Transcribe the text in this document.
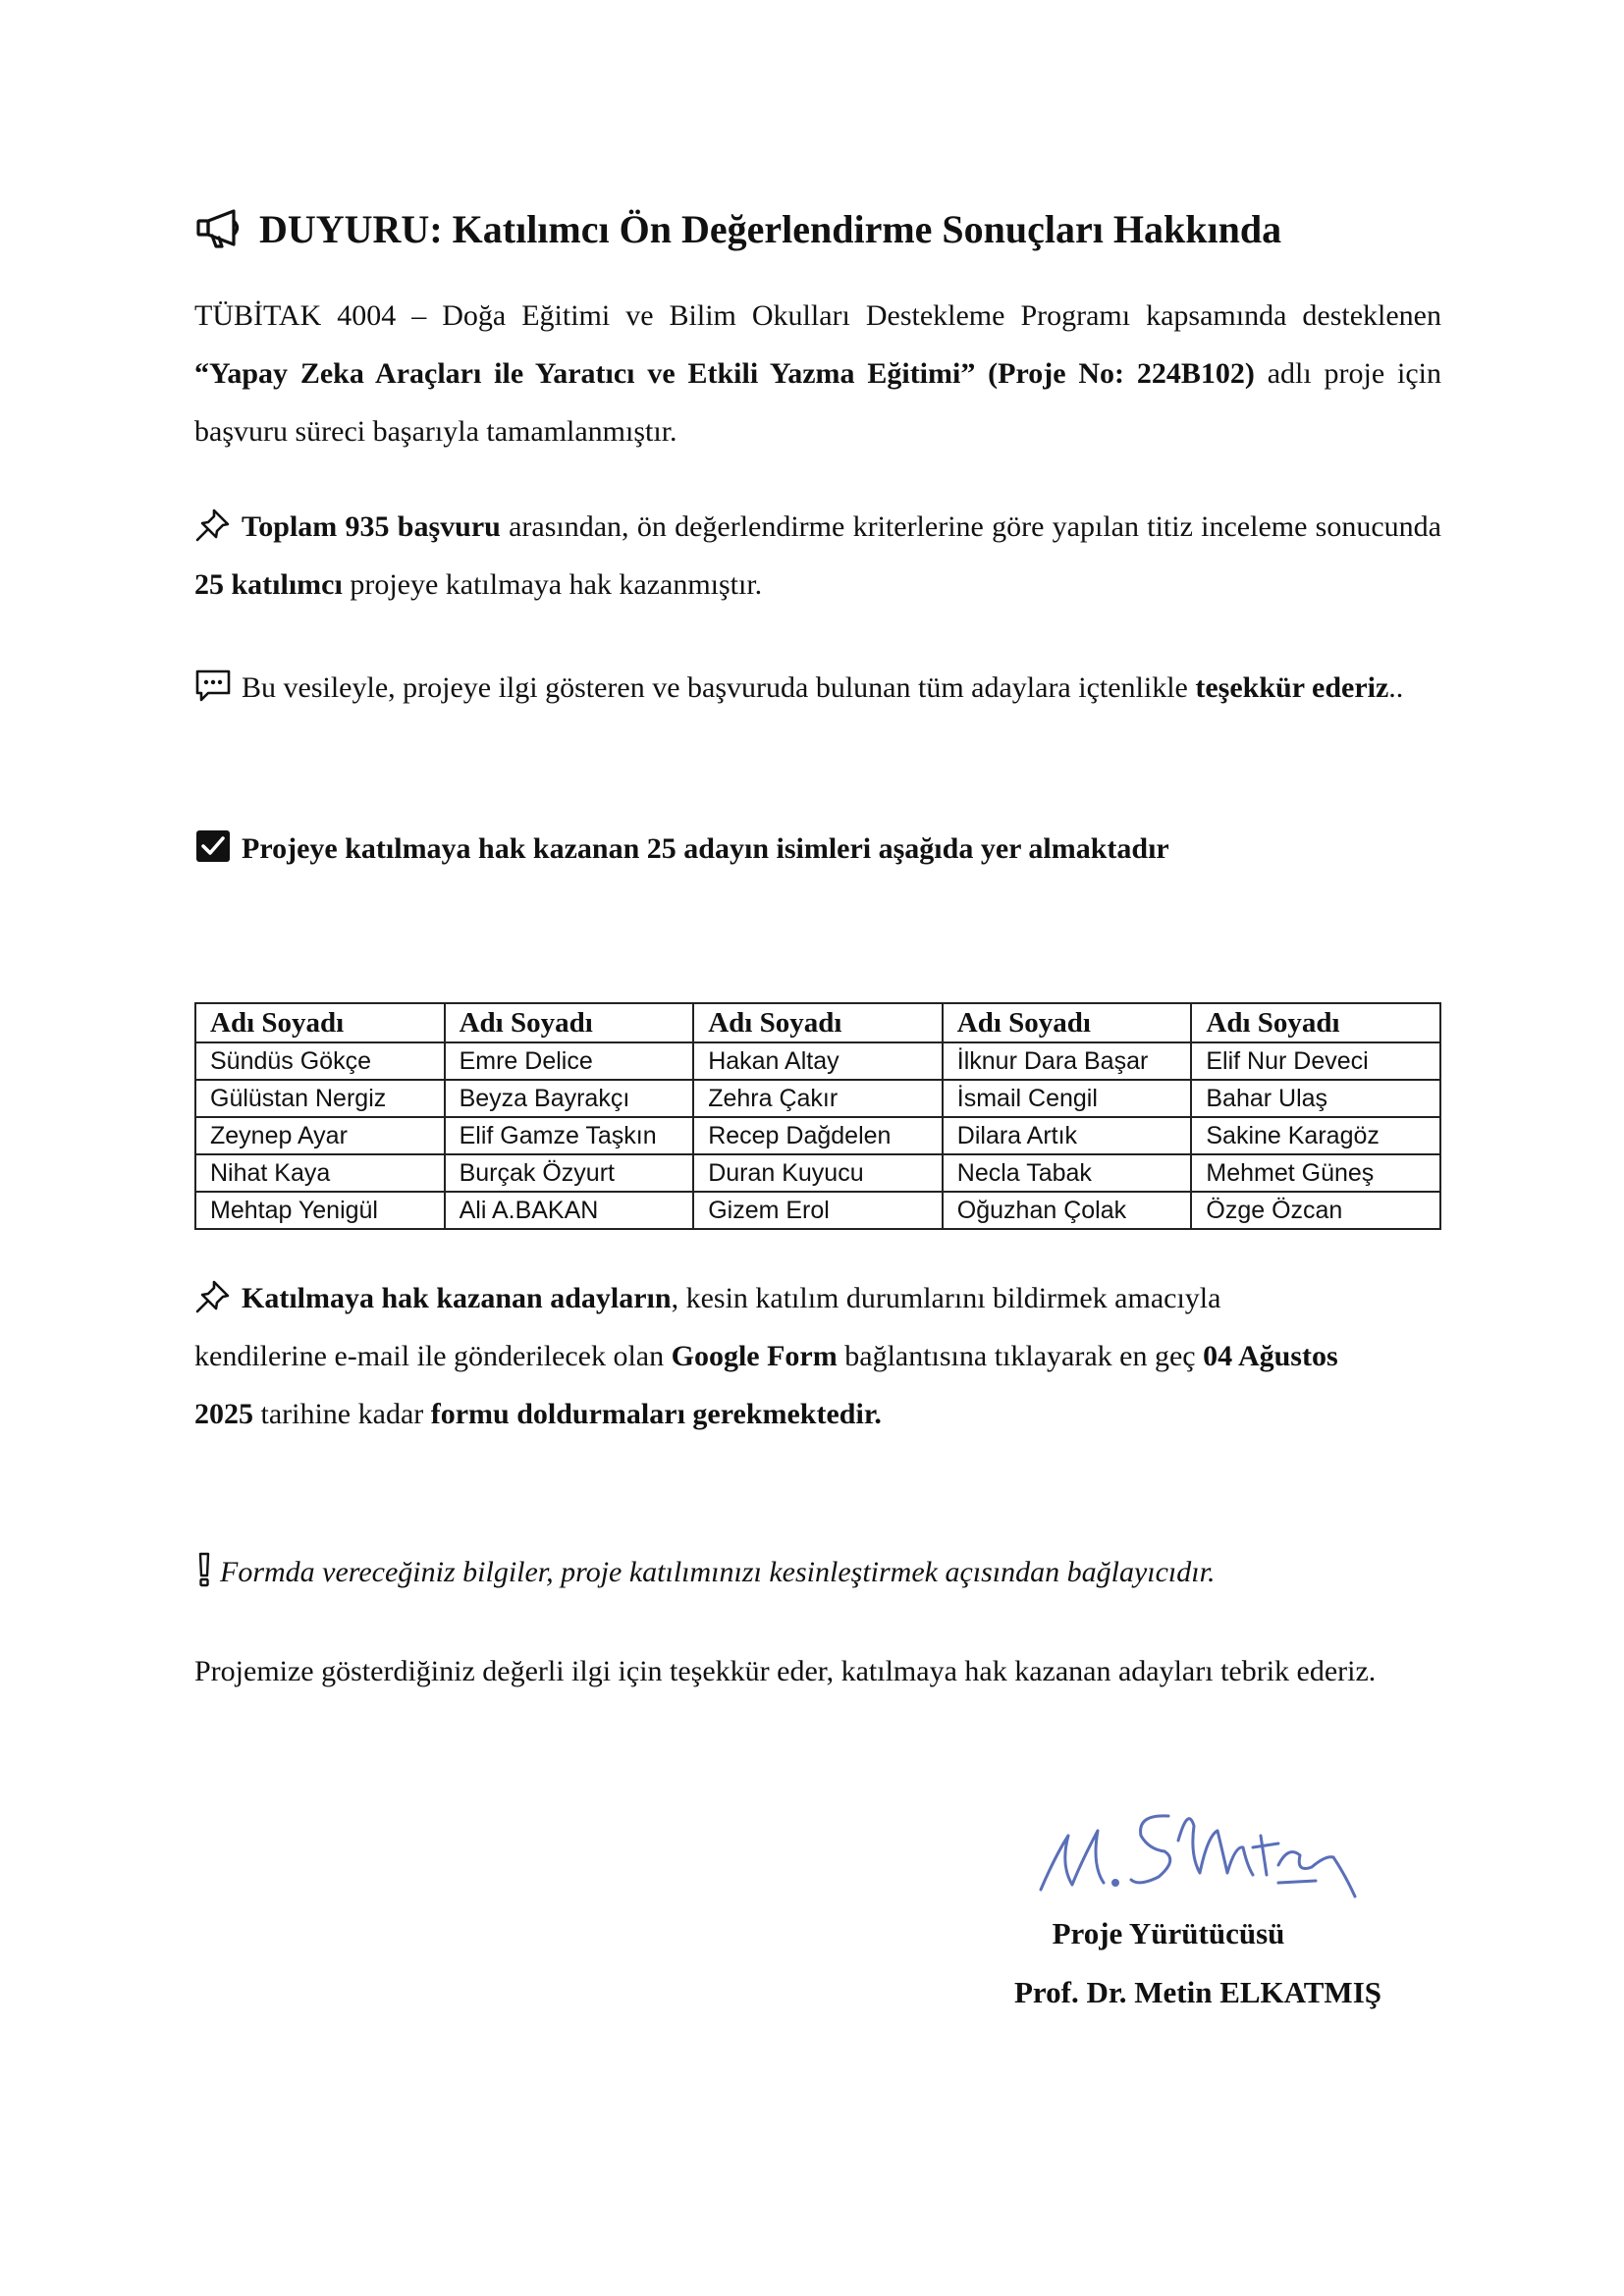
DUYURU: Katılımcı Ön Değerlendirme Sonuçları Hakkında
TÜBİTAK 4004 – Doğa Eğitimi ve Bilim Okulları Destekleme Programı kapsamında desteklenen “Yapay Zeka Araçları ile Yaratıcı ve Etkili Yazma Eğitimi” (Proje No: 224B102) adlı proje için başvuru süreci başarıyla tamamlanmıştır.
Toplam 935 başvuru arasından, ön değerlendirme kriterlerine göre yapılan titiz inceleme sonucunda 25 katılımcı projeye katılmaya hak kazanmıştır.
Bu vesileyle, projeye ilgi gösteren ve başvuruda bulunan tüm adaylara içtenlikle teşekkür ederiz..
Projeye katılmaya hak kazanan 25 adayın isimleri aşağıda yer almaktadır
Adı Soyadı	Adı Soyadı	Adı Soyadı	Adı Soyadı	Adı Soyadı
Sündüs Gökçe	Emre Delice	Hakan Altay	İlknur Dara Başar	Elif Nur Deveci
Gülüstan Nergiz	Beyza Bayrakçı	Zehra Çakır	İsmail Cengil	Bahar Ulaş
Zeynep Ayar	Elif Gamze Taşkın	Recep Dağdelen	Dilara Artık	Sakine Karagöz
Nihat Kaya	Burçak Özyurt	Duran Kuyucu	Necla Tabak	Mehmet Güneş
Mehtap Yenigül	Ali A.BAKAN	Gizem Erol	Oğuzhan Çolak	Özge Özcan
Katılmaya hak kazanan adayların, kesin katılım durumlarını bildirmek amacıyla kendilerine e-mail ile gönderilecek olan Google Form bağlantısına tıklayarak en geç 04 Ağustos 2025 tarihine kadar formu doldurmaları gerekmektedir.
Formda vereceğiniz bilgiler, proje katılımınızı kesinleştirmek açısından bağlayıcıdır.
Projemize gösterdiğiniz değerli ilgi için teşekkür eder, katılmaya hak kazanan adayları tebrik ederiz.
Proje Yürütücüsü
Prof. Dr. Metin ELKATMIŞ
